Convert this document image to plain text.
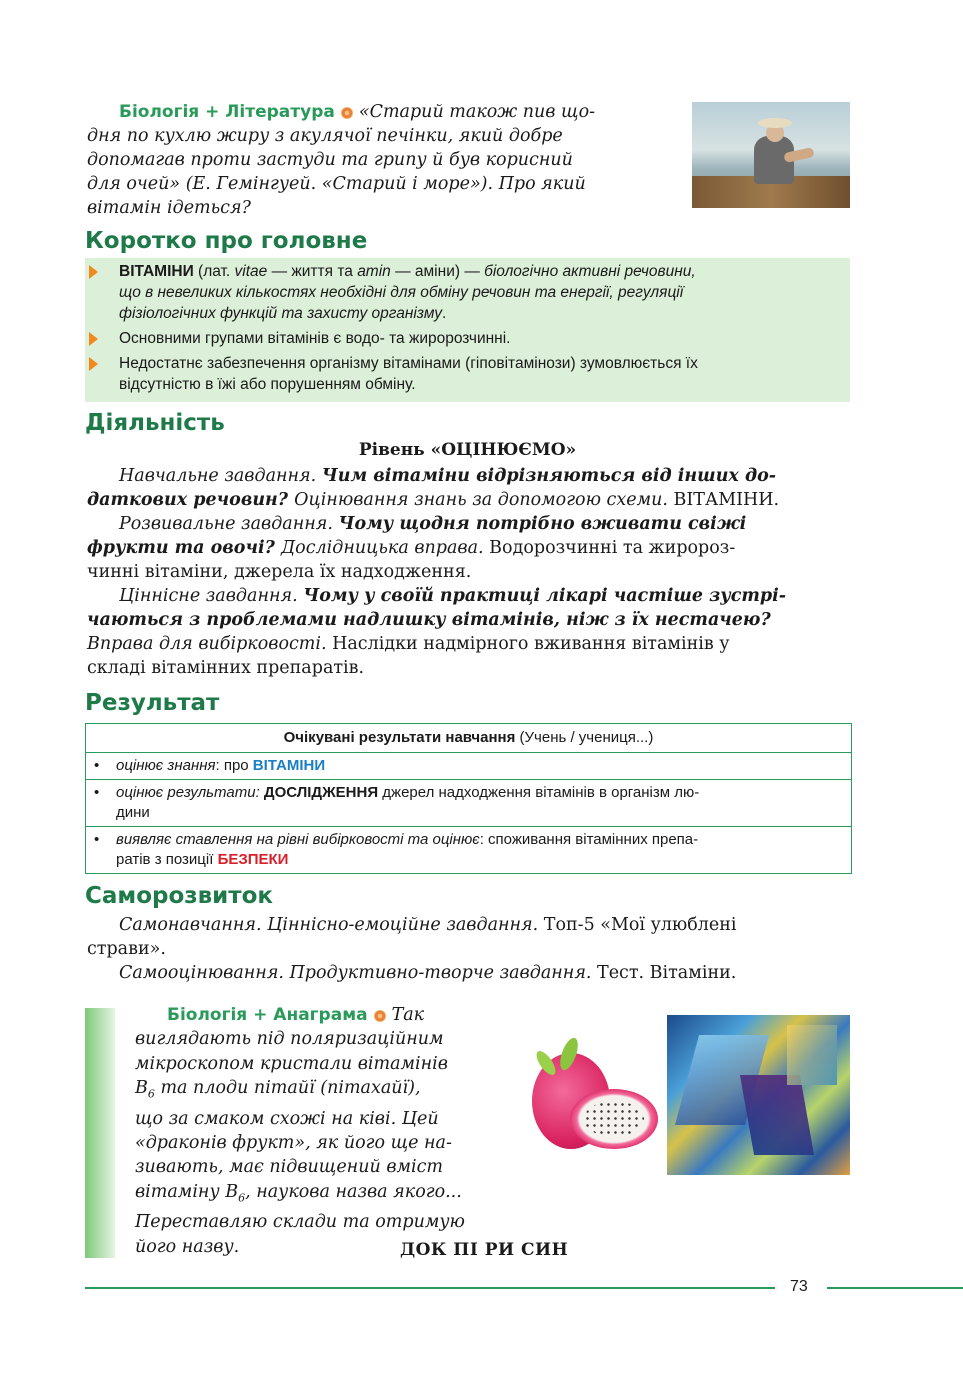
Біологія + Література «Старий також пив що-
дня по кухлю жиру з акулячої печінки, який добре
допомагав проти застуди та грипу й був корисний
для очей» (Е. Гемінгуей. «Старий і море»). Про який
вітамін ідеться?
Коротко про головне
ВІТАМІНИ (лат. vitae — життя та amin — аміни) — біологічно активні речовини,
що в невеликих кількостях необхідні для обміну речовин та енергії, регуляції
фізіологічних функцій та захисту організму.
Основними групами вітамінів є водо- та жиророзчинні.
Недостатнє забезпечення організму вітамінами (гіповітамінози) зумовлюється їх
відсутністю в їжі або порушенням обміну.
Діяльність
Рівень «ОЦІНЮЄМО»
Навчальне завдання. Чим вітаміни відрізняються від інших до-
даткових речовин? Оцінювання знань за допомогою схеми. ВІТАМІНИ.
Розвивальне завдання. Чому щодня потрібно вживати свіжі
фрукти та овочі? Дослідницька вправа. Водорозчинні та жиророз-
чинні вітаміни, джерела їх надходження.
Ціннісне завдання. Чому у своїй практиці лікарі частіше зустрі-
чаються з проблемами надлишку вітамінів, ніж з їх нестачею?
Вправа для вибірковості. Наслідки надмірного вживання вітамінів у
складі вітамінних препаратів.
Результат
Очікувані результати навчання (Учень / учениця...)
• оцінює знання: про ВІТАМІНИ
• оцінює результати: ДОСЛІДЖЕННЯ джерел надходження вітамінів в організм лю-
дини
• виявляє ставлення на рівні вибірковості та оцінює: споживання вітамінних препа-
ратів з позиції БЕЗПЕКИ
Саморозвиток
Самонавчання. Ціннісно-емоційне завдання. Топ-5 «Мої улюблені
страви».
Самооцінювання. Продуктивно-творче завдання. Тест. Вітаміни.
Біологія + Анаграма Так
виглядають під поляризаційним
мікроскопом кристали вітамінів
$B_6$ та плоди пітайї (пітахайї),
що за смаком схожі на ківі. Цей
«драконів фрукт», як його ще на-
зивають, має підвищений вміст
вітаміну $B_6$, наукова назва якого...
Переставляю склади та отримую
його назву.	ДОК ПІ РИ СИН
73
